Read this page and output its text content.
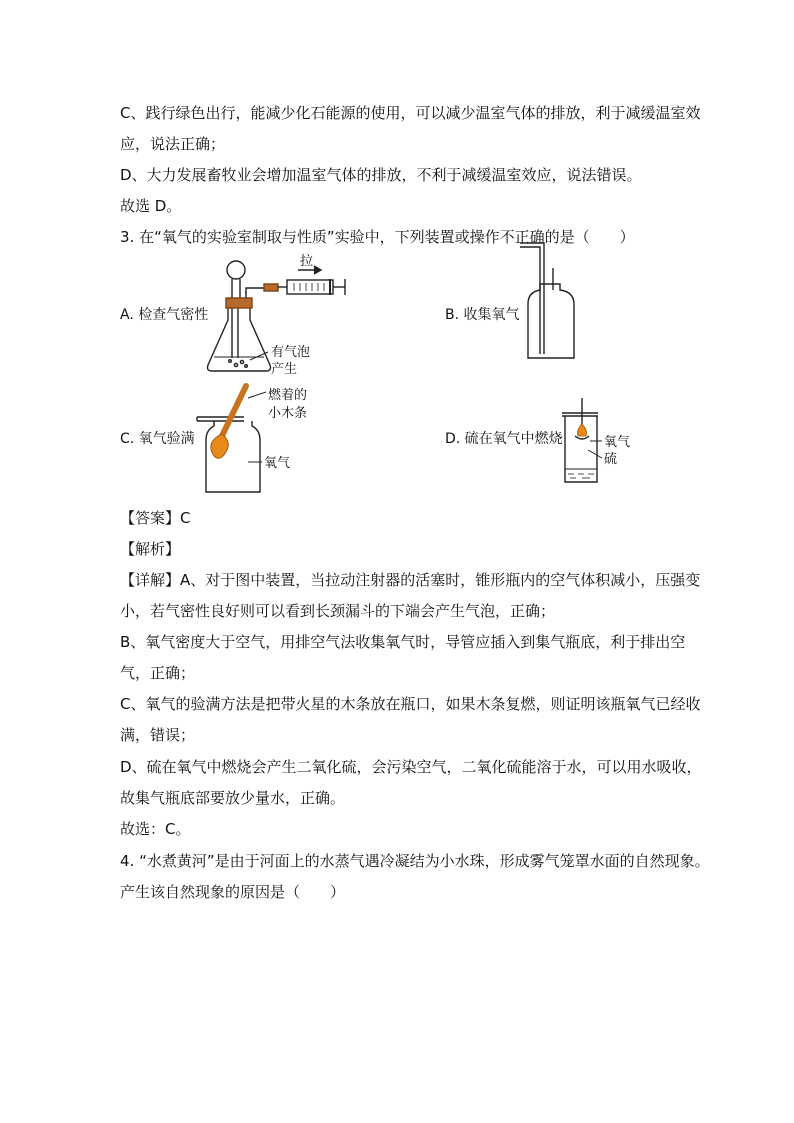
C、践行绿色出行，能减少化石能源的使用，可以减少温室气体的排放，利于减缓温室效
应，说法正确；
D、大力发展畜牧业会增加温室气体的排放，不利于减缓温室效应，说法错误。
故选 D。
3. 在“氧气的实验室制取与性质”实验中，下列装置或操作不正确的是（　　）
A. 检查气密性	B. 收集氧气
C. 氧气验满	D. 硫在氧气中燃烧
拉
有气泡
产生
燃着的
小木条
氧气
氧气
硫
【答案】C
【解析】
【详解】A、对于图中装置，当拉动注射器的活塞时，锥形瓶内的空气体积减小，压强变
小，若气密性良好则可以看到长颈漏斗的下端会产生气泡，正确；
B、氧气密度大于空气，用排空气法收集氧气时，导管应插入到集气瓶底，利于排出空
气，正确；
C、氧气的验满方法是把带火星的木条放在瓶口，如果木条复燃，则证明该瓶氧气已经收
满，错误；
D、硫在氧气中燃烧会产生二氧化硫，会污染空气，二氧化硫能溶于水，可以用水吸收，
故集气瓶底部要放少量水，正确。
故选：C。
4. “水煮黄河”是由于河面上的水蒸气遇冷凝结为小水珠，形成雾气笼罩水面的自然现象。
产生该自然现象的原因是（　　）
